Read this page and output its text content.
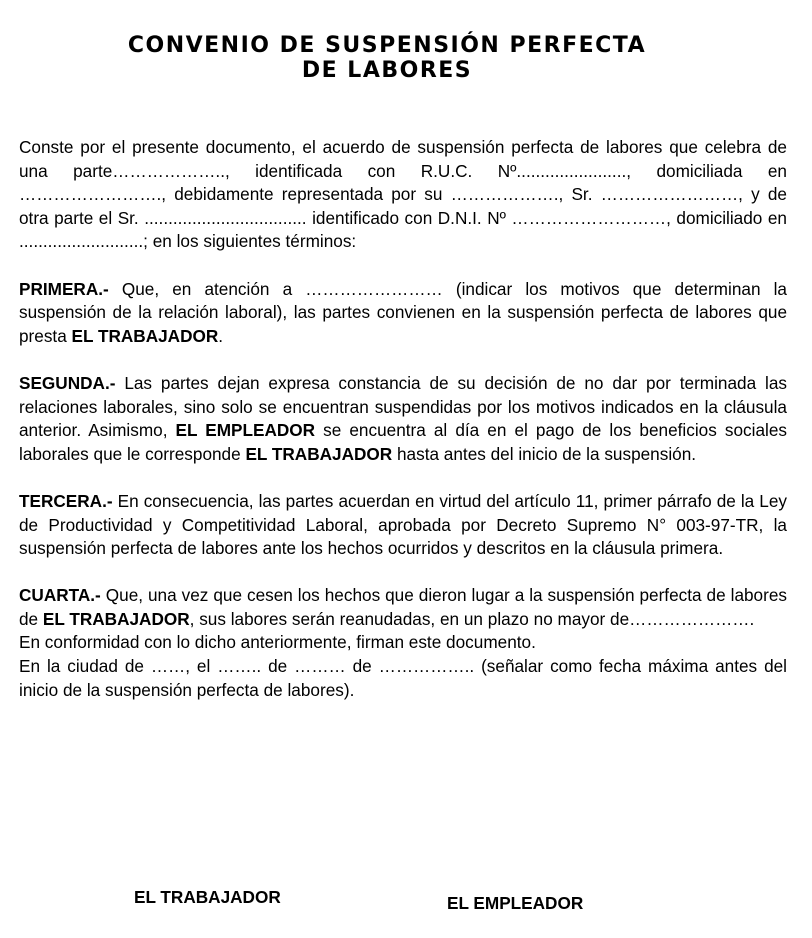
CONVENIO DE SUSPENSIÓN PERFECTA
DE LABORES

Conste por el presente documento, el acuerdo de suspensión perfecta de labores que celebra de una parte……………….., identificada con R.U.C. Nº......................., domiciliada en ……………………., debidamente representada por su ………………., Sr. ……………………, y de otra parte el Sr. .................................. identificado con D.N.I. Nº ………………………, domiciliado en ..........................; en los siguientes términos:

PRIMERA.- Que, en atención a …………………… (indicar los motivos que determinan la suspensión de la relación laboral), las partes convienen en la suspensión perfecta de labores que presta EL TRABAJADOR.

SEGUNDA.- Las partes dejan expresa constancia de su decisión de no dar por terminada las relaciones laborales, sino solo se encuentran suspendidas por los motivos indicados en la cláusula anterior. Asimismo, EL EMPLEADOR se encuentra al día en el pago de los beneficios sociales laborales que le corresponde EL TRABAJADOR hasta antes del inicio de la suspensión.

TERCERA.- En consecuencia, las partes acuerdan en virtud del artículo 11, primer párrafo de la Ley de Productividad y Competitividad Laboral, aprobada por Decreto Supremo N° 003-97-TR, la suspensión perfecta de labores ante los hechos ocurridos y descritos en la cláusula primera.

CUARTA.- Que, una vez que cesen los hechos que dieron lugar a la suspensión perfecta de labores de EL TRABAJADOR, sus labores serán reanudadas, en un plazo no mayor de………………….

En conformidad con lo dicho anteriormente, firman este documento.

En la ciudad de ……, el …….. de ……… de …………….. (señalar como fecha máxima antes del inicio de la suspensión perfecta de labores).

EL TRABAJADOR	EL EMPLEADOR
